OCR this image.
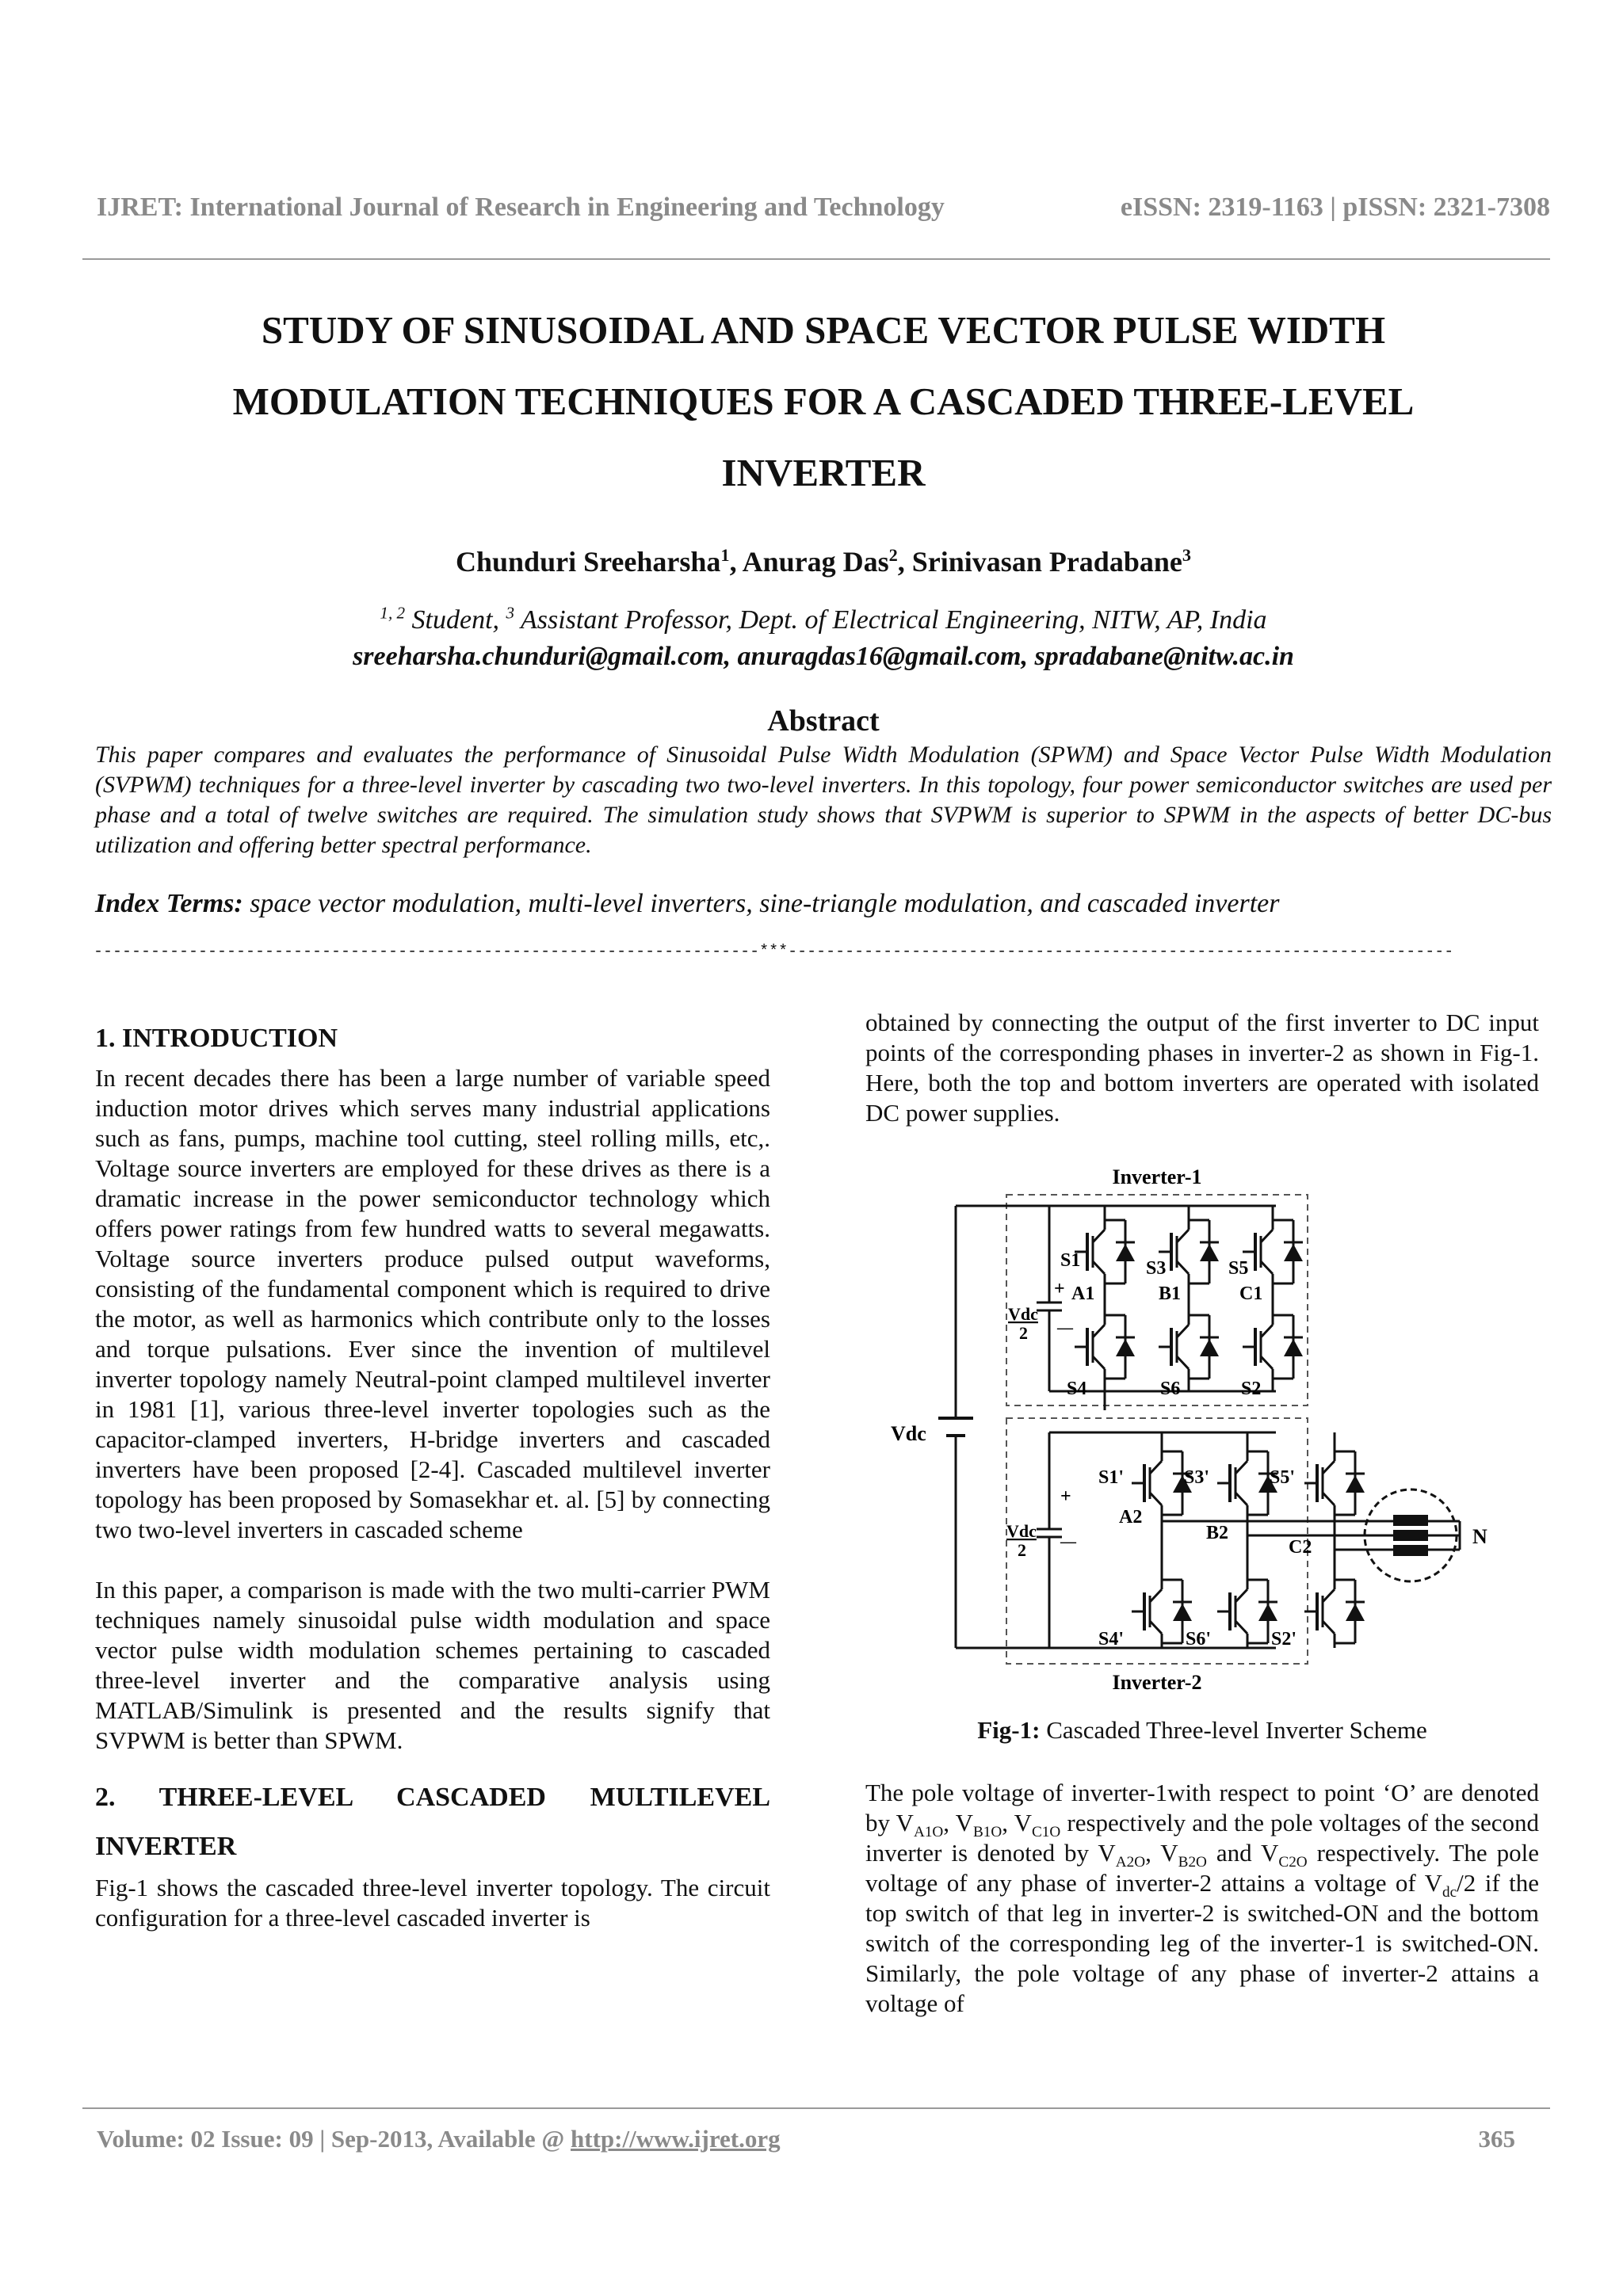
IJRET: International Journal of Research in Engineering and Technology	eISSN: 2319-1163 | pISSN: 2321-7308
STUDY OF SINUSOIDAL AND SPACE VECTOR PULSE WIDTH
MODULATION TECHNIQUES FOR A CASCADED THREE-LEVEL
INVERTER
Chunduri Sreeharsha$^1$, Anurag Das$^2$, Srinivasan Pradabane$^3$
$^{1, 2}$ Student, $^3$ Assistant Professor, Dept. of Electrical Engineering, NITW, AP, India
sreeharsha.chunduri@gmail.com, anuragdas16@gmail.com, spradabane@nitw.ac.in
Abstract
This paper compares and evaluates the performance of Sinusoidal Pulse Width Modulation (SPWM) and Space Vector Pulse Width Modulation (SVPWM) techniques for a three-level inverter by cascading two two-level inverters. In this topology, four power semiconductor switches are used per phase and a total of twelve switches are required. The simulation study shows that SVPWM is superior to SPWM in the aspects of better DC-bus utilization and offering better spectral performance.
Index Terms: space vector modulation, multi-level inverters, sine-triangle modulation, and cascaded inverter
----------------------------------------------------------------------***----------------------------------------------------------------------
1. INTRODUCTION

In recent decades there has been a large number of variable speed induction motor drives which serves many industrial applications such as fans, pumps, machine tool cutting, steel rolling mills, etc,. Voltage source inverters are employed for these drives as there is a dramatic increase in the power semiconductor technology which offers power ratings from few hundred watts to several megawatts. Voltage source inverters produce pulsed output waveforms, consisting of the fundamental component which is required to drive the motor, as well as harmonics which contribute only to the losses and torque pulsations. Ever since the invention of multilevel inverter topology namely Neutral-point clamped multilevel inverter in 1981 [1], various three-level inverter topologies such as the capacitor-clamped inverters, H-bridge inverters and cascaded inverters have been proposed [2-4]. Cascaded multilevel inverter topology has been proposed by Somasekhar et. al. [5] by connecting two two-level inverters in cascaded scheme

In this paper, a comparison is made with the two multi-carrier PWM techniques namely sinusoidal pulse width modulation and space vector pulse width modulation schemes pertaining to cascaded three-level inverter and the comparative analysis using MATLAB/Simulink is presented and the results signify that SVPWM is better than SPWM.

2. THREE-LEVEL CASCADED MULTILEVEL INVERTER

Fig-1 shows the cascaded three-level inverter topology. The circuit configuration for a three-level cascaded inverter is

obtained by connecting the output of the first inverter to DC input points of the corresponding phases in inverter-2 as shown in Fig-1. Here, both the top and bottom inverters are operated with isolated DC power supplies.

Inverter-1
Inverter-2
Vdc
+
—
Vdc
2
S1	S3	S5
A1	B1	C1
S4	S6	S2
+
—
Vdc
2
S1'	S3'	S5'
A2
B2
C2
S4'	S6'	S2'
N
Fig-1: Cascaded Three-level Inverter Scheme

The pole voltage of inverter-1with respect to point ‘O’ are denoted by $V_{A1O}$, $V_{B1O}$, $V_{C1O}$ respectively and the pole voltages of the second inverter is denoted by $V_{A2O}$, $V_{B2O}$ and $V_{C2O}$ respectively. The pole voltage of any phase of inverter-2 attains a voltage of $V_{dc}/2$ if the top switch of that leg in inverter-2 is switched-ON and the bottom switch of the corresponding leg of the inverter-1 is switched-ON. Similarly, the pole voltage of any phase of inverter-2 attains a voltage of

Volume: 02 Issue: 09 | Sep-2013, Available @ http://www.ijret.org	365
